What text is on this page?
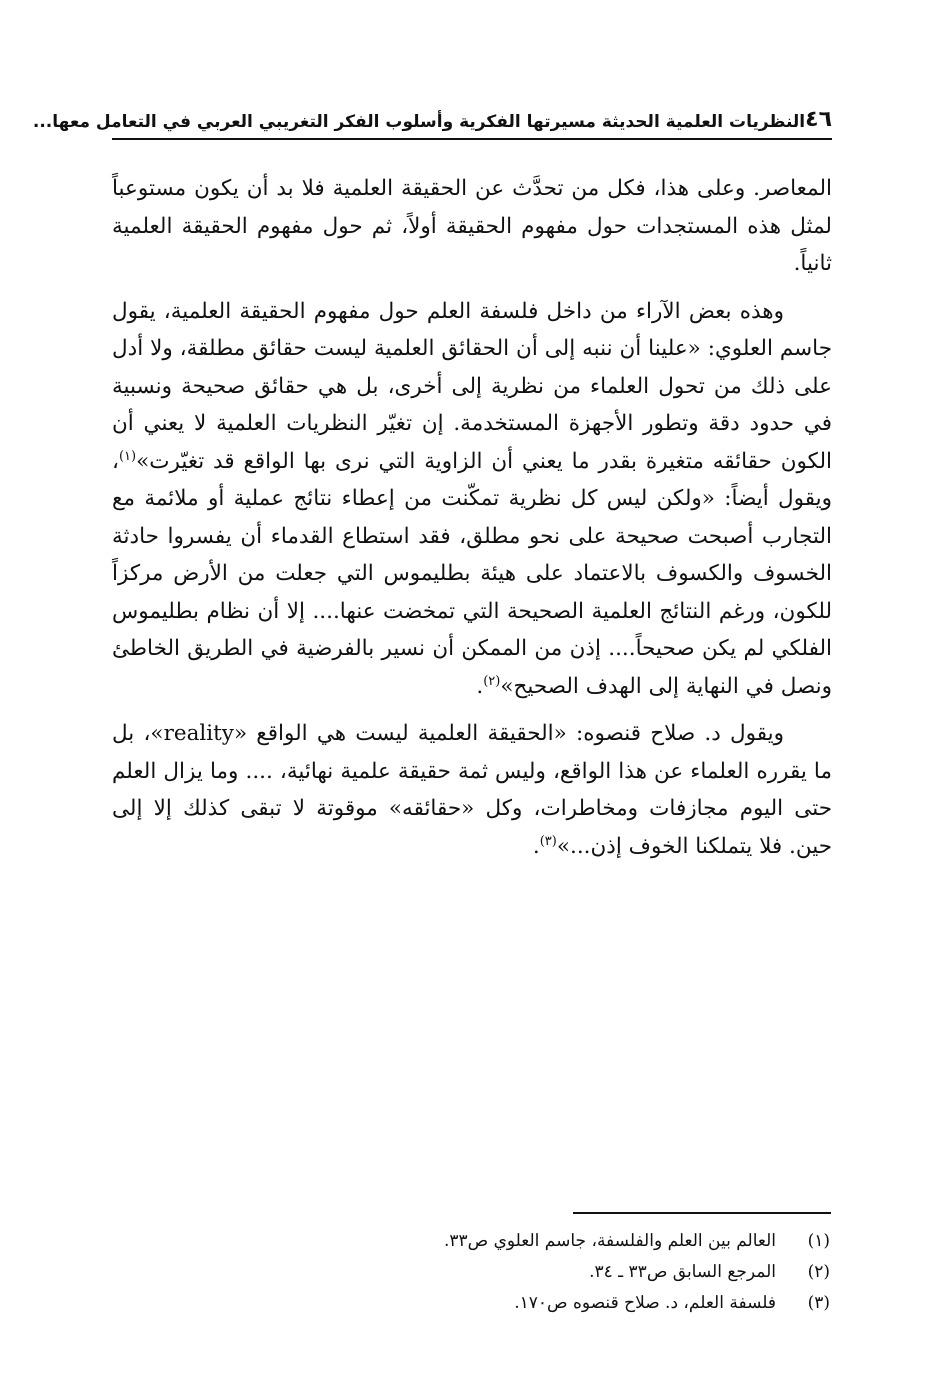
٤٦
النظريات العلمية الحديثة مسيرتها الفكرية وأسلوب الفكر التغريبي العربي في التعامل معها...

المعاصر. وعلى هذا، فكل من تحدَّث عن الحقيقة العلمية فلا بد أن يكون مستوعباً لمثل هذه المستجدات حول مفهوم الحقيقة أولاً، ثم حول مفهوم الحقيقة العلمية ثانياً.

وهذه بعض الآراء من داخل فلسفة العلم حول مفهوم الحقيقة العلمية، يقول جاسم العلوي: «علينا أن ننبه إلى أن الحقائق العلمية ليست حقائق مطلقة، ولا أدل على ذلك من تحول العلماء من نظرية إلى أخرى، بل هي حقائق صحيحة ونسبية في حدود دقة وتطور الأجهزة المستخدمة. إن تغيّر النظريات العلمية لا يعني أن الكون حقائقه متغيرة بقدر ما يعني أن الزاوية التي نرى بها الواقع قد تغيّرت»$^{(١)}$، ويقول أيضاً: «ولكن ليس كل نظرية تمكّنت من إعطاء نتائج عملية أو ملائمة مع التجارب أصبحت صحيحة على نحو مطلق، فقد استطاع القدماء أن يفسروا حادثة الخسوف والكسوف بالاعتماد على هيئة بطليموس التي جعلت من الأرض مركزاً للكون، ورغم النتائج العلمية الصحيحة التي تمخضت عنها.... إلا أن نظام بطليموس الفلكي لم يكن صحيحاً.... إذن من الممكن أن نسير بالفرضية في الطريق الخاطئ ونصل في النهاية إلى الهدف الصحيح»$^{(٢)}$.

ويقول د. صلاح قنصوه: «الحقيقة العلمية ليست هي الواقع «reality»، بل ما يقرره العلماء عن هذا الواقع، وليس ثمة حقيقة علمية نهائية، .... وما يزال العلم حتى اليوم مجازفات ومخاطرات، وكل «حقائقه» موقوتة لا تبقى كذلك إلا إلى حين. فلا يتملكنا الخوف إذن...»$^{(٣)}$.

(١)
العالم بين العلم والفلسفة، جاسم العلوي ص٣٣.
(٢)
المرجع السابق ص٣٣ ـ ٣٤.
(٣)
فلسفة العلم، د. صلاح قنصوه ص١٧٠.
